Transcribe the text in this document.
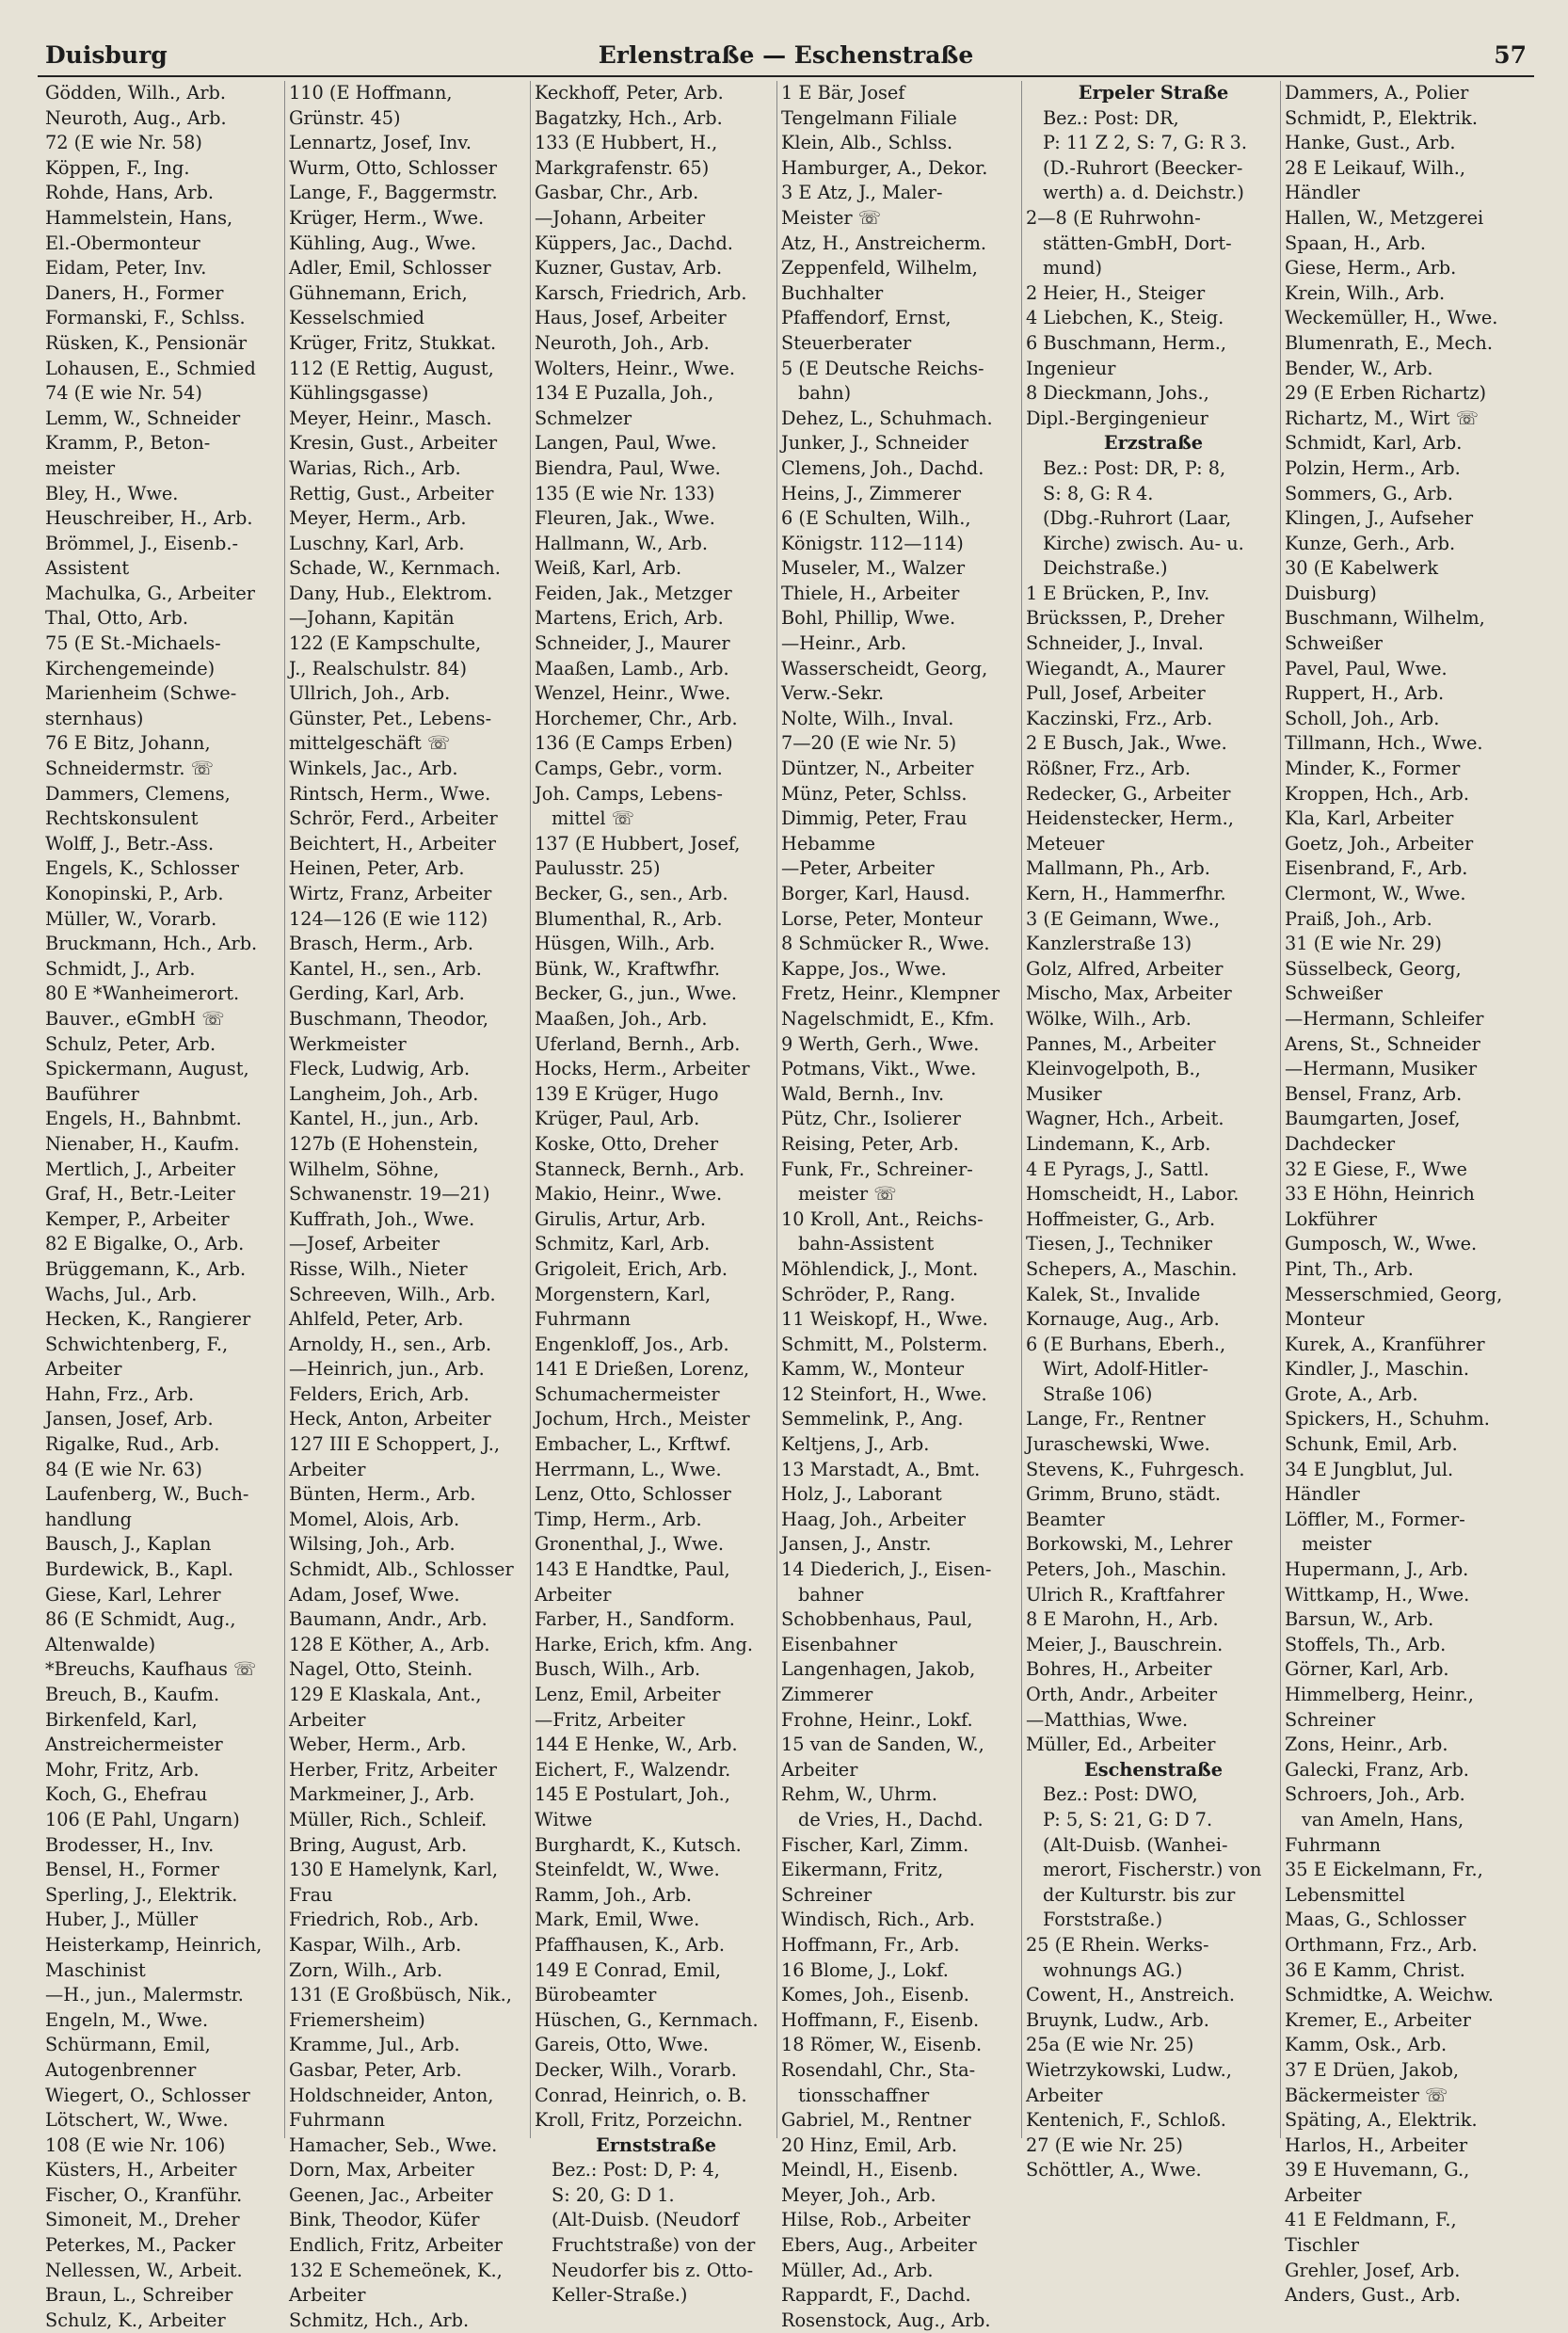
Duisburg	Erlenstraße — Eschenstraße	57
Gödden, Wilh., Arb.
Neuroth, Aug., Arb.
72 (E wie Nr. 58)
Köppen, F., Ing.
Rohde, Hans, Arb.
Hammelstein, Hans,
El.-Obermonteur
Eidam, Peter, Inv.
Daners, H., Former
Formanski, F., Schlss.
Rüsken, K., Pensionär
Lohausen, E., Schmied
74 (E wie Nr. 54)
Lemm, W., Schneider
Kramm, P., Beton-
meister
Bley, H., Wwe.
Heuschreiber, H., Arb.
Brömmel, J., Eisenb.-
Assistent
Machulka, G., Arbeiter
Thal, Otto, Arb.
75 (E St.-Michaels-
Kirchengemeinde)
Marienheim (Schwe-
sternhaus)
76 E Bitz, Johann,
Schneidermstr. ☏
Dammers, Clemens,
Rechtskonsulent
Wolff, J., Betr.-Ass.
Engels, K., Schlosser
Konopinski, P., Arb.
Müller, W., Vorarb.
Bruckmann, Hch., Arb.
Schmidt, J., Arb.
80 E *Wanheimerort.
Bauver., eGmbH ☏
Schulz, Peter, Arb.
Spickermann, August,
Bauführer
Engels, H., Bahnbmt.
Nienaber, H., Kaufm.
Mertlich, J., Arbeiter
Graf, H., Betr.-Leiter
Kemper, P., Arbeiter
82 E Bigalke, O., Arb.
Brüggemann, K., Arb.
Wachs, Jul., Arb.
Hecken, K., Rangierer
Schwichtenberg, F.,
Arbeiter
Hahn, Frz., Arb.
Jansen, Josef, Arb.
Rigalke, Rud., Arb.
84 (E wie Nr. 63)
Laufenberg, W., Buch-
handlung
Bausch, J., Kaplan
Burdewick, B., Kapl.
Giese, Karl, Lehrer
86 (E Schmidt, Aug.,
Altenwalde)
*Breuchs, Kaufhaus ☏
Breuch, B., Kaufm.
Birkenfeld, Karl,
Anstreichermeister
Mohr, Fritz, Arb.
Koch, G., Ehefrau
106 (E Pahl, Ungarn)
Brodesser, H., Inv.
Bensel, H., Former
Sperling, J., Elektrik.
Huber, J., Müller
Heisterkamp, Heinrich,
Maschinist
—H., jun., Malermstr.
Engeln, M., Wwe.
Schürmann, Emil,
Autogenbrenner
Wiegert, O., Schlosser
Lötschert, W., Wwe.
108 (E wie Nr. 106)
Küsters, H., Arbeiter
Fischer, O., Kranführ.
Simoneit, M., Dreher
Peterkes, M., Packer
Nellessen, W., Arbeit.
Braun, L., Schreiber
Schulz, K., Arbeiter
110 (E Hoffmann,
Grünstr. 45)
Lennartz, Josef, Inv.
Wurm, Otto, Schlosser
Lange, F., Baggermstr.
Krüger, Herm., Wwe.
Kühling, Aug., Wwe.
Adler, Emil, Schlosser
Gühnemann, Erich,
Kesselschmied
Krüger, Fritz, Stukkat.
112 (E Rettig, August,
Kühlingsgasse)
Meyer, Heinr., Masch.
Kresin, Gust., Arbeiter
Warias, Rich., Arb.
Rettig, Gust., Arbeiter
Meyer, Herm., Arb.
Luschny, Karl, Arb.
Schade, W., Kernmach.
Dany, Hub., Elektrom.
—Johann, Kapitän
122 (E Kampschulte,
J., Realschulstr. 84)
Ullrich, Joh., Arb.
Günster, Pet., Lebens-
mittelgeschäft ☏
Winkels, Jac., Arb.
Rintsch, Herm., Wwe.
Schrör, Ferd., Arbeiter
Beichtert, H., Arbeiter
Heinen, Peter, Arb.
Wirtz, Franz, Arbeiter
124—126 (E wie 112)
Brasch, Herm., Arb.
Kantel, H., sen., Arb.
Gerding, Karl, Arb.
Buschmann, Theodor,
Werkmeister
Fleck, Ludwig, Arb.
Langheim, Joh., Arb.
Kantel, H., jun., Arb.
127b (E Hohenstein,
Wilhelm, Söhne,
Schwanenstr. 19—21)
Kuffrath, Joh., Wwe.
—Josef, Arbeiter
Risse, Wilh., Nieter
Schreeven, Wilh., Arb.
Ahlfeld, Peter, Arb.
Arnoldy, H., sen., Arb.
—Heinrich, jun., Arb.
Felders, Erich, Arb.
Heck, Anton, Arbeiter
127 III E Schoppert, J.,
Arbeiter
Bünten, Herm., Arb.
Momel, Alois, Arb.
Wilsing, Joh., Arb.
Schmidt, Alb., Schlosser
Adam, Josef, Wwe.
Baumann, Andr., Arb.
128 E Köther, A., Arb.
Nagel, Otto, Steinh.
129 E Klaskala, Ant.,
Arbeiter
Weber, Herm., Arb.
Herber, Fritz, Arbeiter
Markmeiner, J., Arb.
Müller, Rich., Schleif.
Bring, August, Arb.
130 E Hamelynk, Karl,
Frau
Friedrich, Rob., Arb.
Kaspar, Wilh., Arb.
Zorn, Wilh., Arb.
131 (E Großbüsch, Nik.,
Friemersheim)
Kramme, Jul., Arb.
Gasbar, Peter, Arb.
Holdschneider, Anton,
Fuhrmann
Hamacher, Seb., Wwe.
Dorn, Max, Arbeiter
Geenen, Jac., Arbeiter
Bink, Theodor, Küfer
Endlich, Fritz, Arbeiter
132 E Schemeönek, K.,
Arbeiter
Schmitz, Hch., Arb.
Keckhoff, Peter, Arb.
Bagatzky, Hch., Arb.
133 (E Hubbert, H.,
Markgrafenstr. 65)
Gasbar, Chr., Arb.
—Johann, Arbeiter
Küppers, Jac., Dachd.
Kuzner, Gustav, Arb.
Karsch, Friedrich, Arb.
Haus, Josef, Arbeiter
Neuroth, Joh., Arb.
Wolters, Heinr., Wwe.
134 E Puzalla, Joh.,
Schmelzer
Langen, Paul, Wwe.
Biendra, Paul, Wwe.
135 (E wie Nr. 133)
Fleuren, Jak., Wwe.
Hallmann, W., Arb.
Weiß, Karl, Arb.
Feiden, Jak., Metzger
Martens, Erich, Arb.
Schneider, J., Maurer
Maaßen, Lamb., Arb.
Wenzel, Heinr., Wwe.
Horchemer, Chr., Arb.
136 (E Camps Erben)
Camps, Gebr., vorm.
Joh. Camps, Lebens-
mittel ☏
137 (E Hubbert, Josef,
Paulusstr. 25)
Becker, G., sen., Arb.
Blumenthal, R., Arb.
Hüsgen, Wilh., Arb.
Bünk, W., Kraftwfhr.
Becker, G., jun., Wwe.
Maaßen, Joh., Arb.
Uferland, Bernh., Arb.
Hocks, Herm., Arbeiter
139 E Krüger, Hugo
Krüger, Paul, Arb.
Koske, Otto, Dreher
Stanneck, Bernh., Arb.
Makio, Heinr., Wwe.
Girulis, Artur, Arb.
Schmitz, Karl, Arb.
Grigoleit, Erich, Arb.
Morgenstern, Karl,
Fuhrmann
Engenkloff, Jos., Arb.
141 E Drießen, Lorenz,
Schumachermeister
Jochum, Hrch., Meister
Embacher, L., Krftwf.
Herrmann, L., Wwe.
Lenz, Otto, Schlosser
Timp, Herm., Arb.
Gronenthal, J., Wwe.
143 E Handtke, Paul,
Arbeiter
Farber, H., Sandform.
Harke, Erich, kfm. Ang.
Busch, Wilh., Arb.
Lenz, Emil, Arbeiter
—Fritz, Arbeiter
144 E Henke, W., Arb.
Eichert, F., Walzendr.
145 E Postulart, Joh.,
Witwe
Burghardt, K., Kutsch.
Steinfeldt, W., Wwe.
Ramm, Joh., Arb.
Mark, Emil, Wwe.
Pfaffhausen, K., Arb.
149 E Conrad, Emil,
Bürobeamter
Hüschen, G., Kernmach.
Gareis, Otto, Wwe.
Decker, Wilh., Vorarb.
Conrad, Heinrich, o. B.
Kroll, Fritz, Porzeichn.
Ernststraße
Bez.: Post: D, P: 4,
S: 20, G: D 1.
(Alt-Duisb. (Neudorf
Fruchtstraße) von der
Neudorfer bis z. Otto-
Keller-Straße.)
1 E Bär, Josef
Tengelmann Filiale
Klein, Alb., Schlss.
Hamburger, A., Dekor.
3 E Atz, J., Maler-
Meister ☏
Atz, H., Anstreicherm.
Zeppenfeld, Wilhelm,
Buchhalter
Pfaffendorf, Ernst,
Steuerberater
5 (E Deutsche Reichs-
bahn)
Dehez, L., Schuhmach.
Junker, J., Schneider
Clemens, Joh., Dachd.
Heins, J., Zimmerer
6 (E Schulten, Wilh.,
Königstr. 112—114)
Museler, M., Walzer
Thiele, H., Arbeiter
Bohl, Phillip, Wwe.
—Heinr., Arb.
Wasserscheidt, Georg,
Verw.-Sekr.
Nolte, Wilh., Inval.
7—20 (E wie Nr. 5)
Düntzer, N., Arbeiter
Münz, Peter, Schlss.
Dimmig, Peter, Frau
Hebamme
—Peter, Arbeiter
Borger, Karl, Hausd.
Lorse, Peter, Monteur
8 Schmücker R., Wwe.
Kappe, Jos., Wwe.
Fretz, Heinr., Klempner
Nagelschmidt, E., Kfm.
9 Werth, Gerh., Wwe.
Potmans, Vikt., Wwe.
Wald, Bernh., Inv.
Pütz, Chr., Isolierer
Reising, Peter, Arb.
Funk, Fr., Schreiner-
meister ☏
10 Kroll, Ant., Reichs-
bahn-Assistent
Möhlendick, J., Mont.
Schröder, P., Rang.
11 Weiskopf, H., Wwe.
Schmitt, M., Polsterm.
Kamm, W., Monteur
12 Steinfort, H., Wwe.
Semmelink, P., Ang.
Keltjens, J., Arb.
13 Marstadt, A., Bmt.
Holz, J., Laborant
Haag, Joh., Arbeiter
Jansen, J., Anstr.
14 Diederich, J., Eisen-
bahner
Schobbenhaus, Paul,
Eisenbahner
Langenhagen, Jakob,
Zimmerer
Frohne, Heinr., Lokf.
15 van de Sanden, W.,
Arbeiter
Rehm, W., Uhrm.
de Vries, H., Dachd.
Fischer, Karl, Zimm.
Eikermann, Fritz,
Schreiner
Windisch, Rich., Arb.
Hoffmann, Fr., Arb.
16 Blome, J., Lokf.
Komes, Joh., Eisenb.
Hoffmann, F., Eisenb.
18 Römer, W., Eisenb.
Rosendahl, Chr., Sta-
tionsschaffner
Gabriel, M., Rentner
20 Hinz, Emil, Arb.
Meindl, H., Eisenb.
Meyer, Joh., Arb.
Hilse, Rob., Arbeiter
Ebers, Aug., Arbeiter
Müller, Ad., Arb.
Rappardt, F., Dachd.
Rosenstock, Aug., Arb.
Erpeler Straße
Bez.: Post: DR,
P: 11 Z 2, S: 7, G: R 3.
(D.-Ruhrort (Beecker-
werth) a. d. Deichstr.)
2—8 (E Ruhrwohn-
stätten-GmbH, Dort-
mund)
2 Heier, H., Steiger
4 Liebchen, K., Steig.
6 Buschmann, Herm.,
Ingenieur
8 Dieckmann, Johs.,
Dipl.-Bergingenieur
Erzstraße
Bez.: Post: DR, P: 8,
S: 8, G: R 4.
(Dbg.-Ruhrort (Laar,
Kirche) zwisch. Au- u.
Deichstraße.)
1 E Brücken, P., Inv.
Brückssen, P., Dreher
Schneider, J., Inval.
Wiegandt, A., Maurer
Pull, Josef, Arbeiter
Kaczinski, Frz., Arb.
2 E Busch, Jak., Wwe.
Rößner, Frz., Arb.
Redecker, G., Arbeiter
Heidenstecker, Herm.,
Meteuer
Mallmann, Ph., Arb.
Kern, H., Hammerfhr.
3 (E Geimann, Wwe.,
Kanzlerstraße 13)
Golz, Alfred, Arbeiter
Mischo, Max, Arbeiter
Wölke, Wilh., Arb.
Pannes, M., Arbeiter
Kleinvogelpoth, B.,
Musiker
Wagner, Hch., Arbeit.
Lindemann, K., Arb.
4 E Pyrags, J., Sattl.
Homscheidt, H., Labor.
Hoffmeister, G., Arb.
Tiesen, J., Techniker
Schepers, A., Maschin.
Kalek, St., Invalide
Kornauge, Aug., Arb.
6 (E Burhans, Eberh.,
Wirt, Adolf-Hitler-
Straße 106)
Lange, Fr., Rentner
Juraschewski, Wwe.
Stevens, K., Fuhrgesch.
Grimm, Bruno, städt.
Beamter
Borkowski, M., Lehrer
Peters, Joh., Maschin.
Ulrich R., Kraftfahrer
8 E Marohn, H., Arb.
Meier, J., Bauschrein.
Bohres, H., Arbeiter
Orth, Andr., Arbeiter
—Matthias, Wwe.
Müller, Ed., Arbeiter
Eschenstraße
Bez.: Post: DWO,
P: 5, S: 21, G: D 7.
(Alt-Duisb. (Wanhei-
merort, Fischerstr.) von
der Kulturstr. bis zur
Forststraße.)
25 (E Rhein. Werks-
wohnungs AG.)
Cowent, H., Anstreich.
Bruynk, Ludw., Arb.
25a (E wie Nr. 25)
Wietrzykowski, Ludw.,
Arbeiter
Kentenich, F., Schloß.
27 (E wie Nr. 25)
Schöttler, A., Wwe.
Dammers, A., Polier
Schmidt, P., Elektrik.
Hanke, Gust., Arb.
28 E Leikauf, Wilh.,
Händler
Hallen, W., Metzgerei
Spaan, H., Arb.
Giese, Herm., Arb.
Krein, Wilh., Arb.
Weckemüller, H., Wwe.
Blumenrath, E., Mech.
Bender, W., Arb.
29 (E Erben Richartz)
Richartz, M., Wirt ☏
Schmidt, Karl, Arb.
Polzin, Herm., Arb.
Sommers, G., Arb.
Klingen, J., Aufseher
Kunze, Gerh., Arb.
30 (E Kabelwerk
Duisburg)
Buschmann, Wilhelm,
Schweißer
Pavel, Paul, Wwe.
Ruppert, H., Arb.
Scholl, Joh., Arb.
Tillmann, Hch., Wwe.
Minder, K., Former
Kroppen, Hch., Arb.
Kla, Karl, Arbeiter
Goetz, Joh., Arbeiter
Eisenbrand, F., Arb.
Clermont, W., Wwe.
Praiß, Joh., Arb.
31 (E wie Nr. 29)
Süsselbeck, Georg,
Schweißer
—Hermann, Schleifer
Arens, St., Schneider
—Hermann, Musiker
Bensel, Franz, Arb.
Baumgarten, Josef,
Dachdecker
32 E Giese, F., Wwe
33 E Höhn, Heinrich
Lokführer
Gumposch, W., Wwe.
Pint, Th., Arb.
Messerschmied, Georg,
Monteur
Kurek, A., Kranführer
Kindler, J., Maschin.
Grote, A., Arb.
Spickers, H., Schuhm.
Schunk, Emil, Arb.
34 E Jungblut, Jul.
Händler
Löffler, M., Former-
meister
Hupermann, J., Arb.
Wittkamp, H., Wwe.
Barsun, W., Arb.
Stoffels, Th., Arb.
Görner, Karl, Arb.
Himmelberg, Heinr.,
Schreiner
Zons, Heinr., Arb.
Galecki, Franz, Arb.
Schroers, Joh., Arb.
van Ameln, Hans,
Fuhrmann
35 E Eickelmann, Fr.,
Lebensmittel
Maas, G., Schlosser
Orthmann, Frz., Arb.
36 E Kamm, Christ.
Schmidtke, A. Weichw.
Kremer, E., Arbeiter
Kamm, Osk., Arb.
37 E Drüen, Jakob,
Bäckermeister ☏
Späting, A., Elektrik.
Harlos, H., Arbeiter
39 E Huvemann, G.,
Arbeiter
41 E Feldmann, F.,
Tischler
Grehler, Josef, Arb.
Anders, Gust., Arb.
